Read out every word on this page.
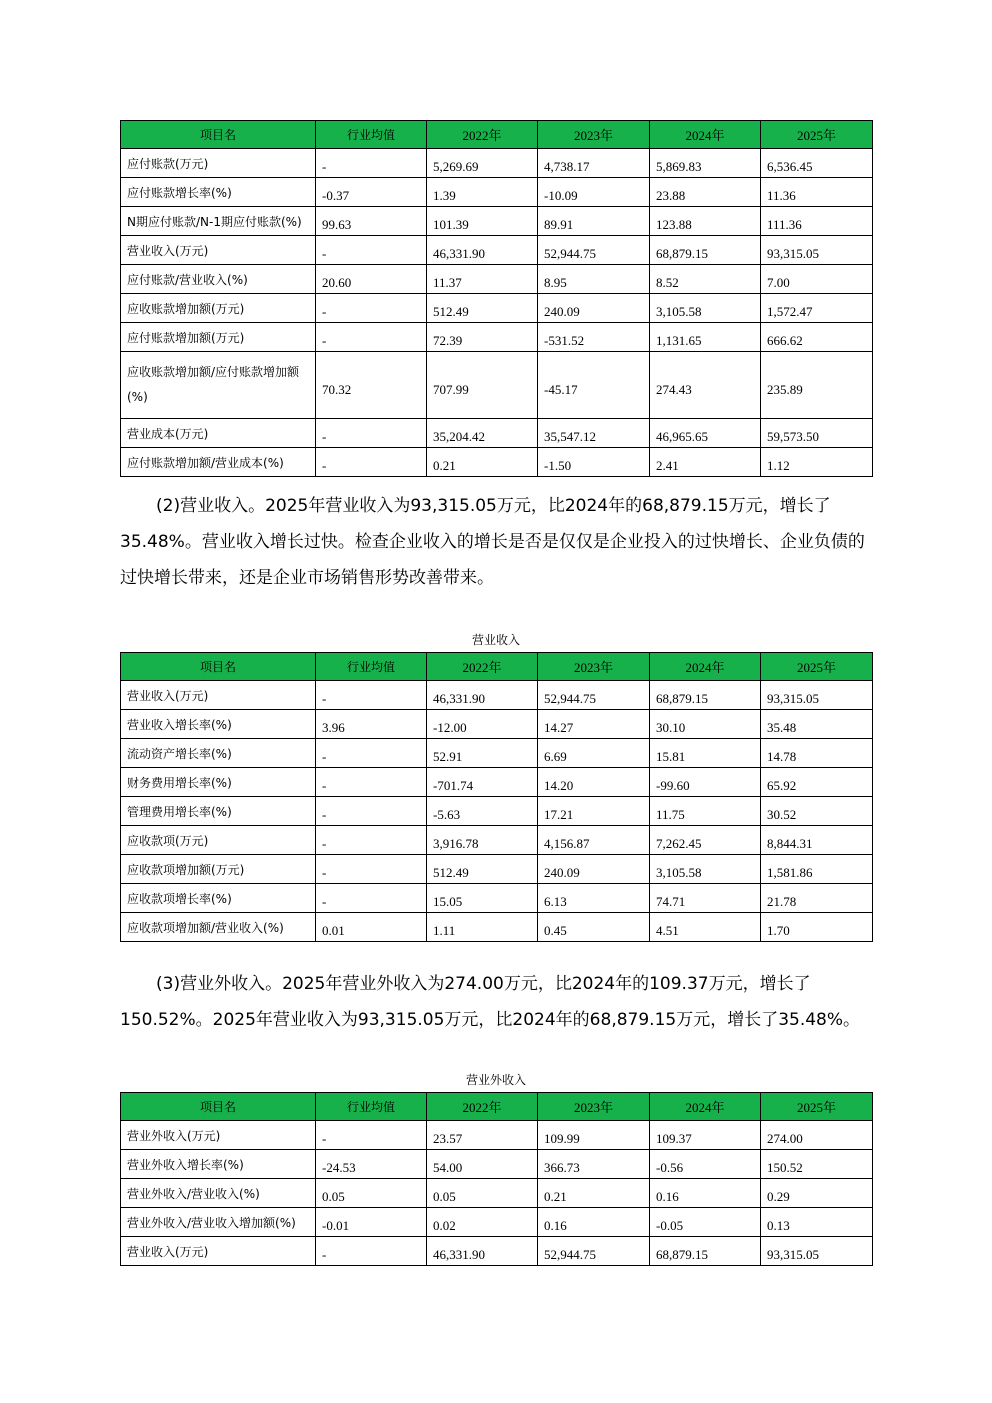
项目名	行业均值	2022年	2023年	2024年	2025年
应付账款(万元)	-	5,269.69	4,738.17	5,869.83	6,536.45
应付账款增长率(%)	-0.37	1.39	-10.09	23.88	11.36
N期应付账款/N-1期应付账款(%)	99.63	101.39	89.91	123.88	111.36
营业收入(万元)	-	46,331.90	52,944.75	68,879.15	93,315.05
应付账款/营业收入(%)	20.60	11.37	8.95	8.52	7.00
应收账款增加额(万元)	-	512.49	240.09	3,105.58	1,572.47
应付账款增加额(万元)	-	72.39	-531.52	1,131.65	666.62
应收账款增加额/应付账款增加额(%)	70.32	707.99	-45.17	274.43	235.89
营业成本(万元)	-	35,204.42	35,547.12	46,965.65	59,573.50
应付账款增加额/营业成本(%)	-	0.21	-1.50	2.41	1.12

(2)营业收入。2025年营业收入为93,315.05万元，比2024年的68,879.15万元，增长了35.48%。营业收入增长过快。检查企业收入的增长是否是仅仅是企业投入的过快增长、企业负债的过快增长带来，还是企业市场销售形势改善带来。

营业收入
项目名	行业均值	2022年	2023年	2024年	2025年
营业收入(万元)	-	46,331.90	52,944.75	68,879.15	93,315.05
营业收入增长率(%)	3.96	-12.00	14.27	30.10	35.48
流动资产增长率(%)	-	52.91	6.69	15.81	14.78
财务费用增长率(%)	-	-701.74	14.20	-99.60	65.92
管理费用增长率(%)	-	-5.63	17.21	11.75	30.52
应收款项(万元)	-	3,916.78	4,156.87	7,262.45	8,844.31
应收款项增加额(万元)	-	512.49	240.09	3,105.58	1,581.86
应收款项增长率(%)	-	15.05	6.13	74.71	21.78
应收款项增加额/营业收入(%)	0.01	1.11	0.45	4.51	1.70

(3)营业外收入。2025年营业外收入为274.00万元，比2024年的109.37万元，增长了150.52%。2025年营业收入为93,315.05万元，比2024年的68,879.15万元，增长了35.48%。

营业外收入
项目名	行业均值	2022年	2023年	2024年	2025年
营业外收入(万元)	-	23.57	109.99	109.37	274.00
营业外收入增长率(%)	-24.53	54.00	366.73	-0.56	150.52
营业外收入/营业收入(%)	0.05	0.05	0.21	0.16	0.29
营业外收入/营业收入增加额(%)	-0.01	0.02	0.16	-0.05	0.13
营业收入(万元)	-	46,331.90	52,944.75	68,879.15	93,315.05
